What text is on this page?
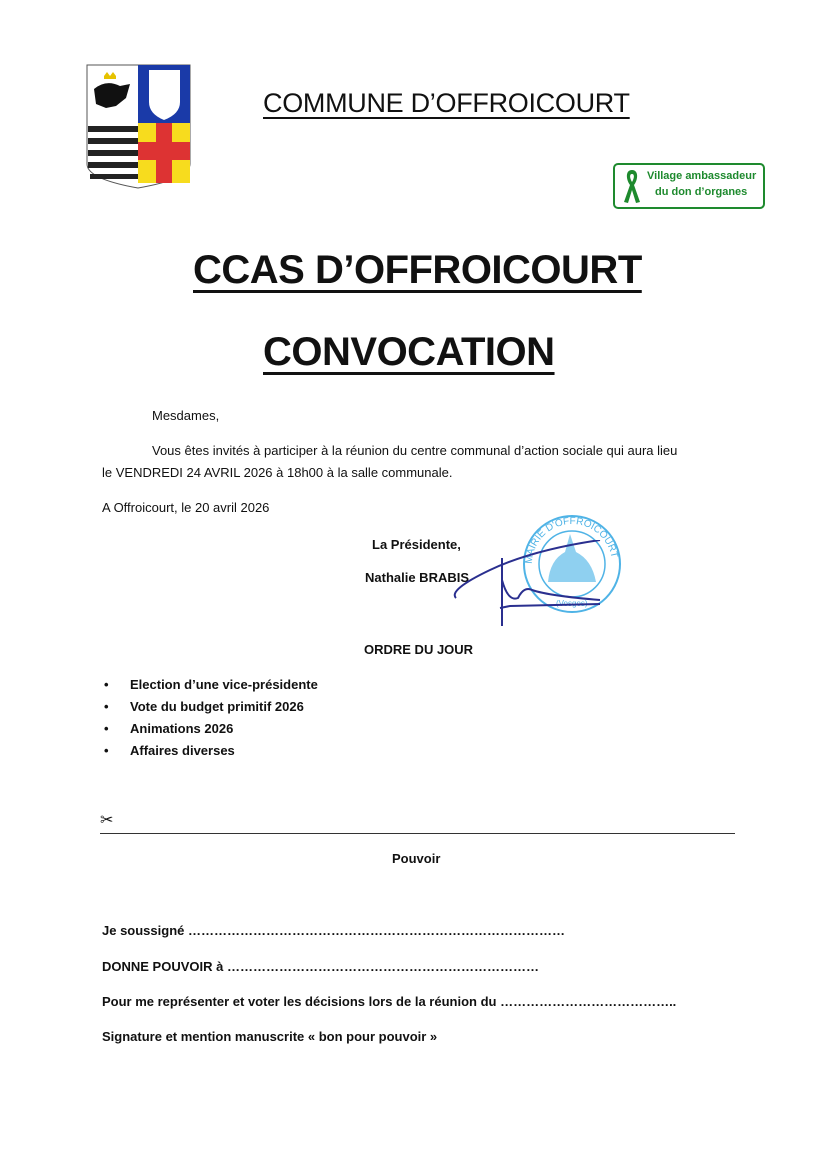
COMMUNE D’OFFROICOURT
Village ambassadeur
du don d’organes
CCAS D’OFFROICOURT
CONVOCATION
Mesdames,
Vous êtes invités à participer à la réunion du centre communal d’action sociale qui aura lieu
le VENDREDI 24 AVRIL 2026 à 18h00 à la salle communale.
A Offroicourt, le 20 avril 2026
MAIRIE D'OFFROICOURT
(Vosges)
La Présidente,
Nathalie BRABIS
ORDRE DU JOUR
• Election d’une vice-présidente
• Vote du budget primitif 2026
• Animations 2026
• Affaires diverses
✂
Pouvoir
Je soussigné ……………………………………………………………………………
DONNE POUVOIR à ………………………………………………………………
Pour me représenter et voter les décisions lors de la réunion du …………………………………..
Signature et mention manuscrite « bon pour pouvoir »
